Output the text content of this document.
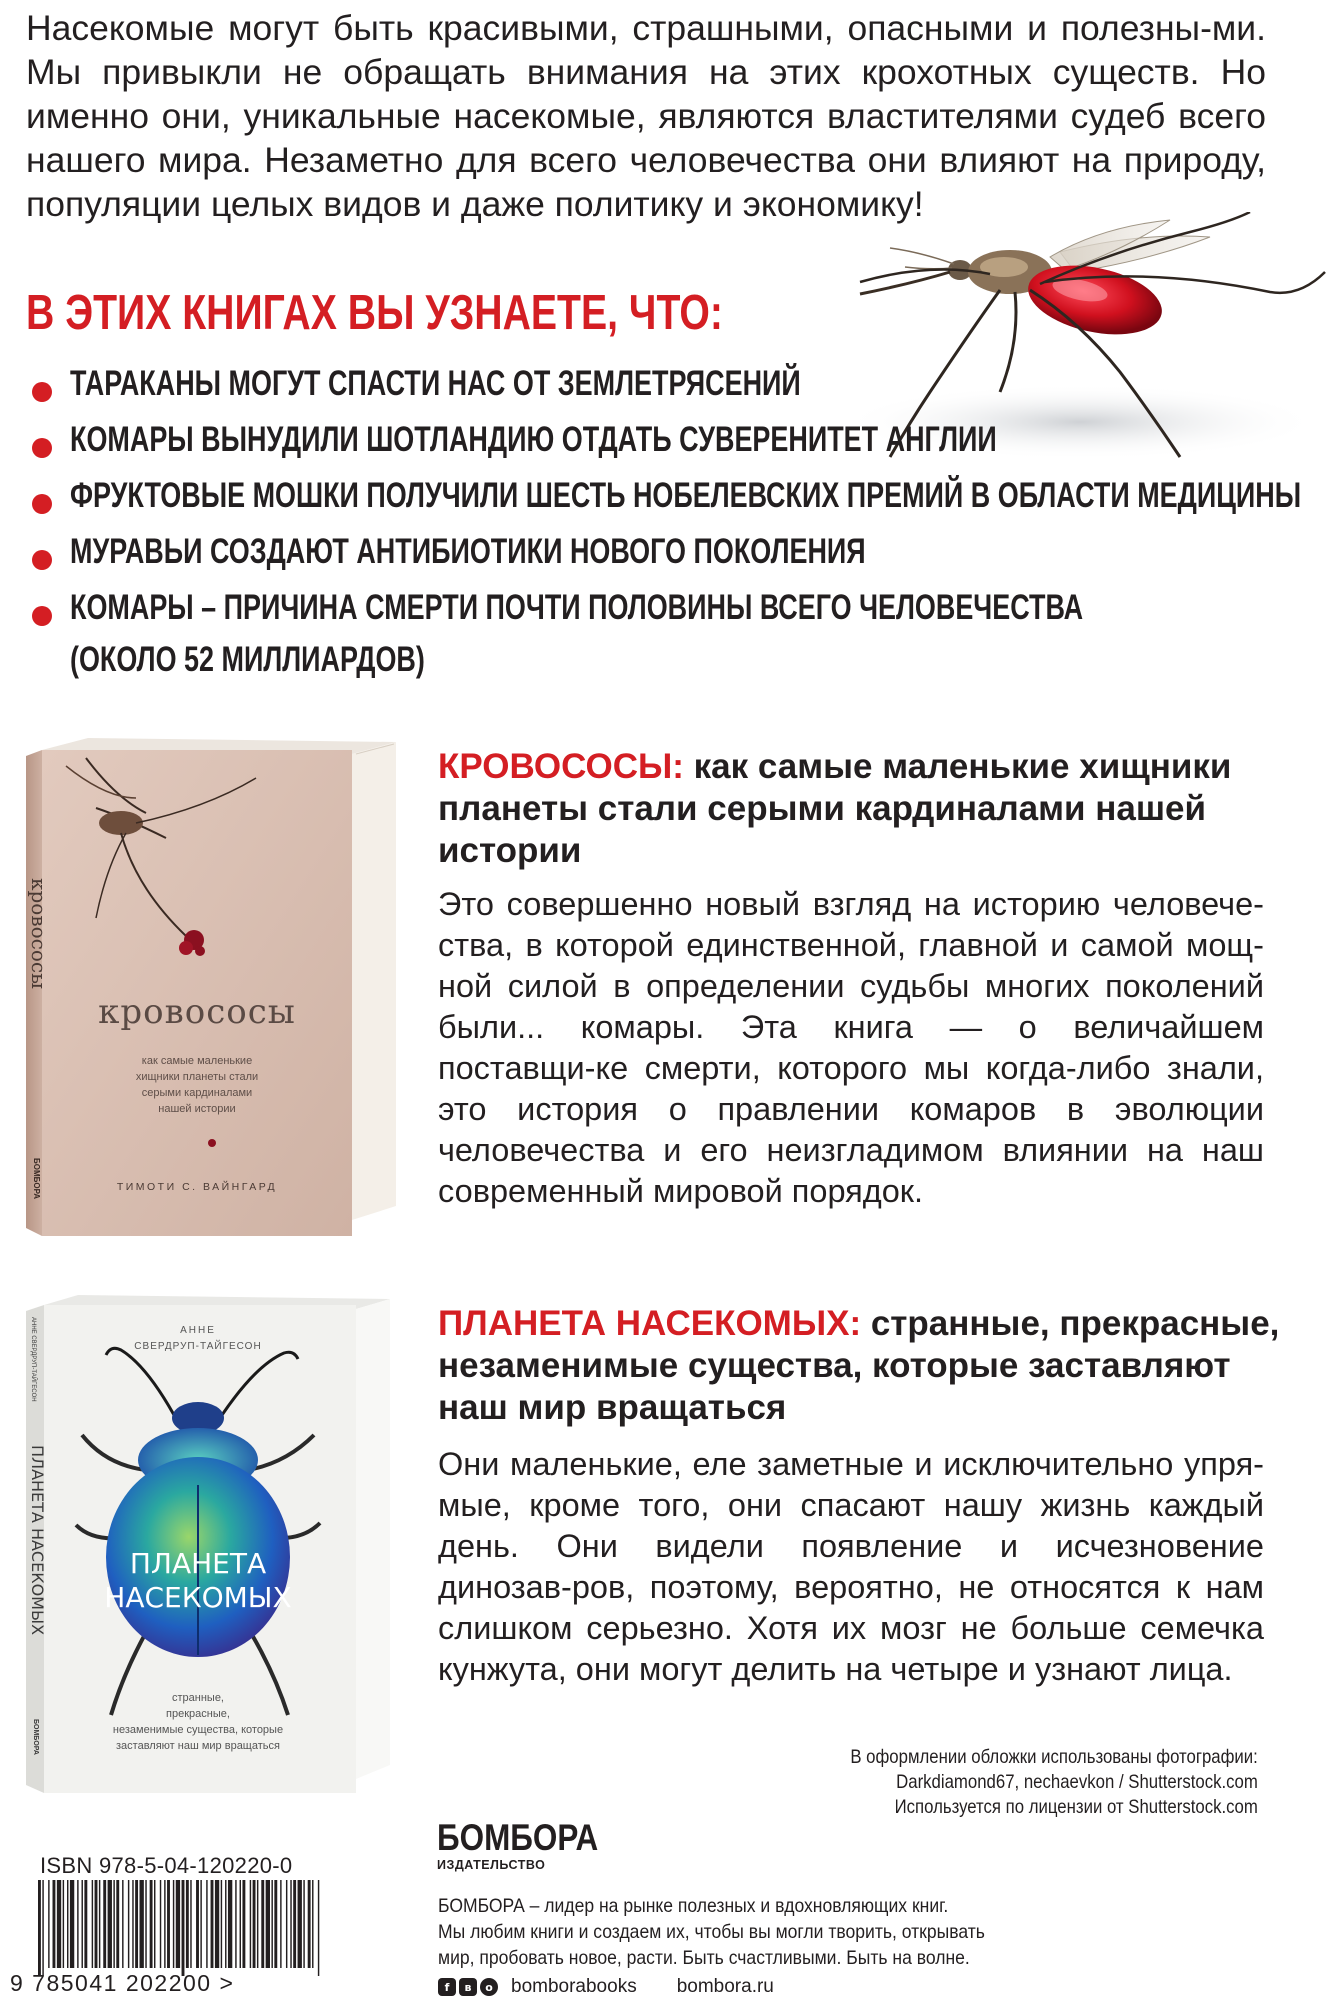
Насекомые могут быть красивыми, страшными, опасными и полезны-ми. Мы привыкли не обращать внимания на этих крохотных существ. Но именно они, уникальные насекомые, являются властителями судеб всего нашего мира. Незаметно для всего человечества они влияют на природу, популяции целых видов и даже политику и экономику!

В ЭТИХ КНИГАХ ВЫ УЗНАЕТЕ, ЧТО:
ТАРАКАНЫ МОГУТ СПАСТИ НАС ОТ ЗЕМЛЕТРЯСЕНИЙ
КОМАРЫ ВЫНУДИЛИ ШОТЛАНДИЮ ОТДАТЬ СУВЕРЕНИТЕТ АНГЛИИ
ФРУКТОВЫЕ МОШКИ ПОЛУЧИЛИ ШЕСТЬ НОБЕЛЕВСКИХ ПРЕМИЙ В ОБЛАСТИ МЕДИЦИНЫ
МУРАВЬИ СОЗДАЮТ АНТИБИОТИКИ НОВОГО ПОКОЛЕНИЯ
КОМАРЫ – ПРИЧИНА СМЕРТИ ПОЧТИ ПОЛОВИНЫ ВСЕГО ЧЕЛОВЕЧЕСТВА
(ОКОЛО 52 МИЛЛИАРДОВ)
кровососы
как самые маленькие
хищники планеты стали
серыми кардиналами
нашей истории
ТИМОТИ С. ВАЙНГАРД
кровососы
БОМБОРА
КРОВОСОСЫ: как самые маленькие хищники планеты стали серыми кардиналами нашей истории

Это совершенно новый взгляд на историю человече-ства, в которой единственной, главной и самой мощ-ной силой в определении судьбы многих поколений были... комары. Эта книга — о величайшем поставщи-ке смерти, которого мы когда-либо знали, это история о правлении комаров в эволюции человечества и его неизгладимом влиянии на наш современный мировой порядок.

ПЛАНЕТА
НАСЕКОМЫХ
АННЕ
СВЕРДРУП-ТАЙГЕСОН
странные,
прекрасные,
незаменимые существа, которые
заставляют наш мир вращаться
ПЛАНЕТА НАСЕКОМЫХ
АННЕ СВЕРДРУП-ТАЙГЕСОН
БОМБОРА
ПЛАНЕТА НАСЕКОМЫХ: странные, прекрасные, незаменимые существа, которые заставляют наш мир вращаться

Они маленькие, еле заметные и исключительно упря-мые, кроме того, они спасают нашу жизнь каждый день. Они видели появление и исчезновение динозав-ров, поэтому, вероятно, не относятся к нам слишком серьезно. Хотя их мозг не больше семечка кунжута, они могут делить на четыре и узнают лица.

В оформлении обложки использованы фотографии:
Darkdiamond67, nechaevkon / Shutterstock.com
Используется по лицензии от Shutterstock.com
БОМБОРА
ИЗДАТЕЛЬСТВО
БОМБОРА – лидер на рынке полезных и вдохновляющих книг.
Мы любим книги и создаем их, чтобы вы могли творить, открывать
мир, пробовать новое, расти. Быть счастливыми. Быть на волне.
f	в	o bomborabooks bombora.ru
ISBN 978-5-04-120220-0
9 785041 202200 >
